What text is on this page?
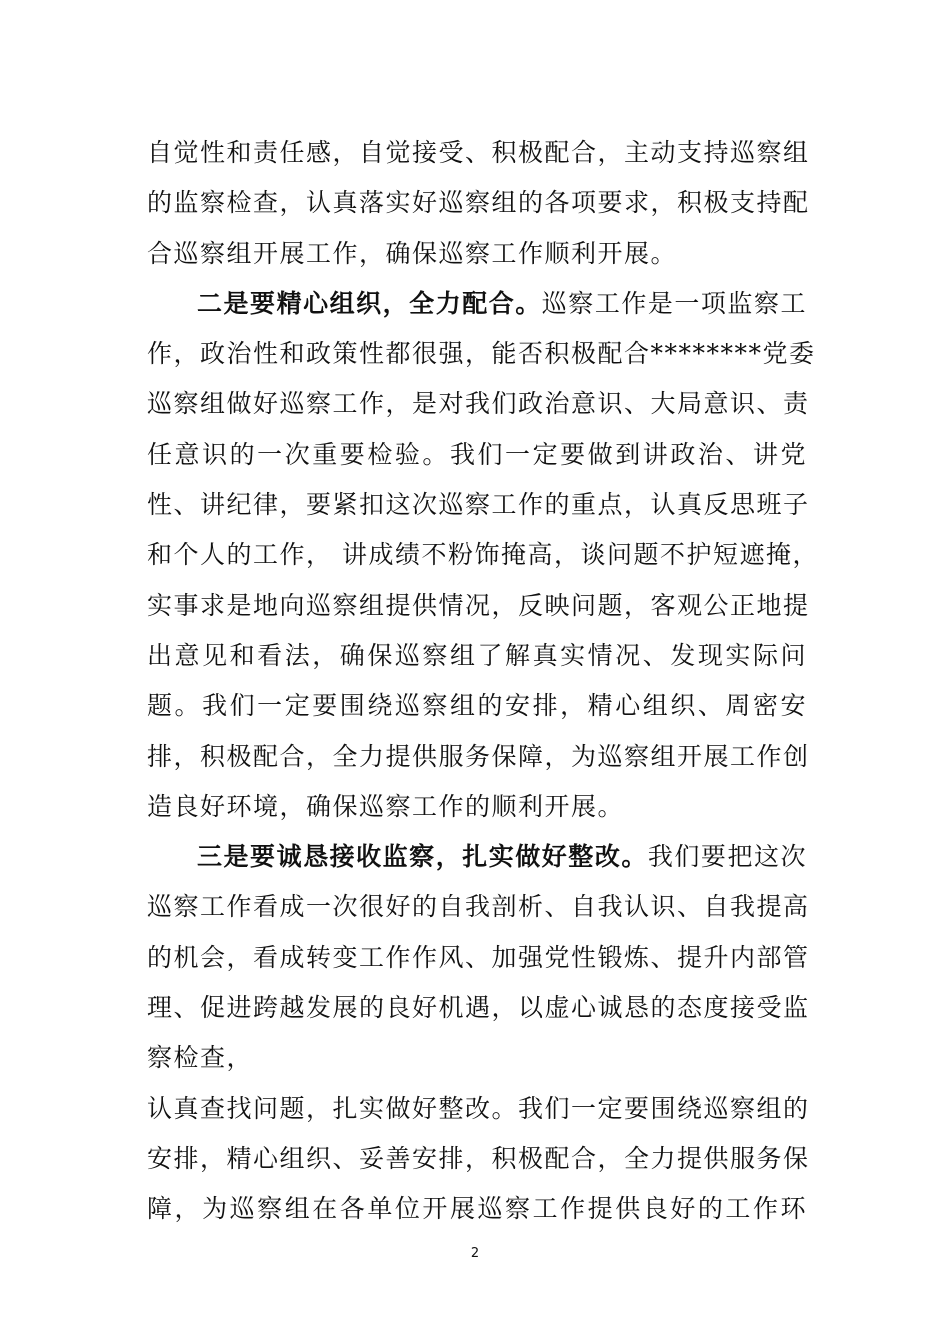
自觉性和责任感，自觉接受、积极配合，主动支持巡察组
的监察检查，认真落实好巡察组的各项要求，积极支持配
合巡察组开展工作，确保巡察工作顺利开展。
二是要精心组织，全力配合。巡察工作是一项监察工
作，政治性和政策性都很强，能否积极配合********党委
巡察组做好巡察工作，是对我们政治意识、大局意识、责
任意识的一次重要检验。我们一定要做到讲政治、讲党
性、讲纪律，要紧扣这次巡察工作的重点，认真反思班子
和个人的工作， 讲成绩不粉饰掩高，谈问题不护短遮掩，
实事求是地向巡察组提供情况，反映问题，客观公正地提
出意见和看法，确保巡察组了解真实情况、发现实际问
题。我们一定要围绕巡察组的安排，精心组织、周密安
排，积极配合，全力提供服务保障，为巡察组开展工作创
造良好环境，确保巡察工作的顺利开展。
三是要诚恳接收监察，扎实做好整改。我们要把这次
巡察工作看成一次很好的自我剖析、自我认识、自我提高
的机会，看成转变工作作风、加强党性锻炼、提升内部管
理、促进跨越发展的良好机遇，以虚心诚恳的态度接受监
察检查，
认真查找问题，扎实做好整改。我们一定要围绕巡察组的
安排，精心组织、妥善安排，积极配合，全力提供服务保
障，为巡察组在各单位开展巡察工作提供良好的工作环
2
